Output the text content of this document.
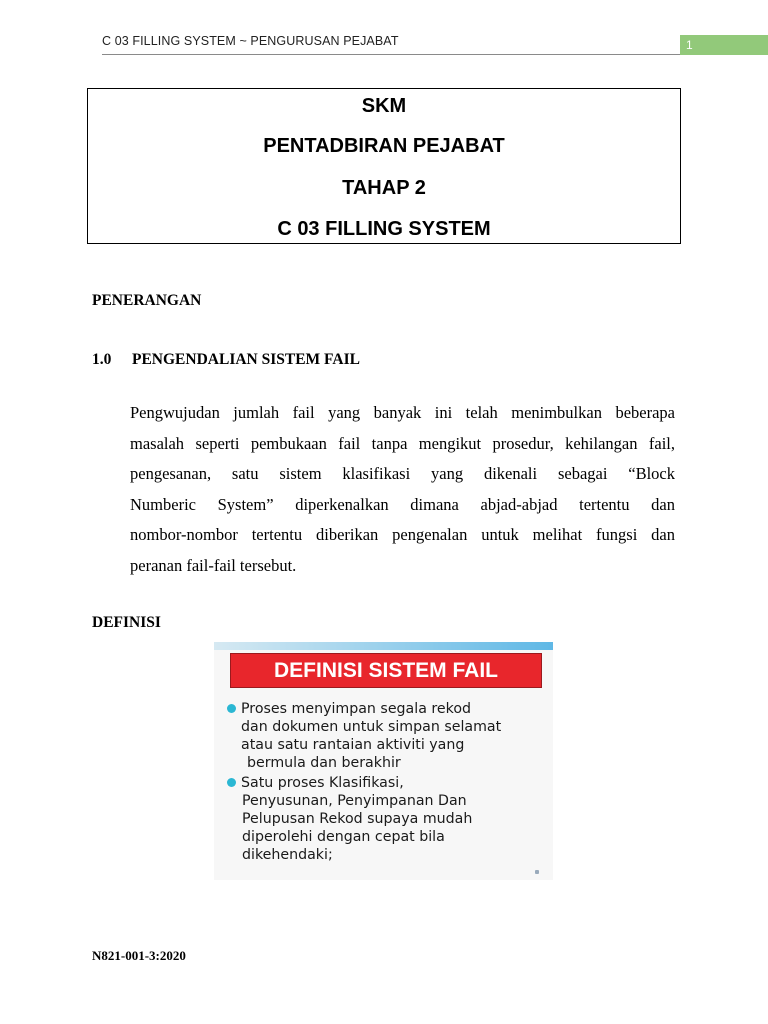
C 03 FILLING SYSTEM ~ PENGURUSAN PEJABAT	1
SKM
PENTADBIRAN PEJABAT
TAHAP 2
C 03 FILLING SYSTEM
PENERANGAN
1.0 PENGENDALIAN SISTEM FAIL
Pengwujudan jumlah fail yang banyak ini telah menimbulkan beberapa
masalah seperti pembukaan fail tanpa mengikut prosedur, kehilangan fail,
pengesanan, satu sistem klasifikasi yang dikenali sebagai “Block
Numberic System” diperkenalkan dimana abjad-abjad tertentu dan
nombor-nombor tertentu diberikan pengenalan untuk melihat fungsi dan
peranan fail-fail tersebut.
DEFINISI
DEFINISI SISTEM FAIL
Proses menyimpan segala rekod
dan dokumen untuk simpan selamat
atau satu rantaian aktiviti yang
bermula dan berakhir
Satu proses Klasifikasi,
Penyusunan, Penyimpanan Dan
Pelupusan Rekod supaya mudah
diperolehi dengan cepat bila
dikehendaki;
N821-001-3:2020
